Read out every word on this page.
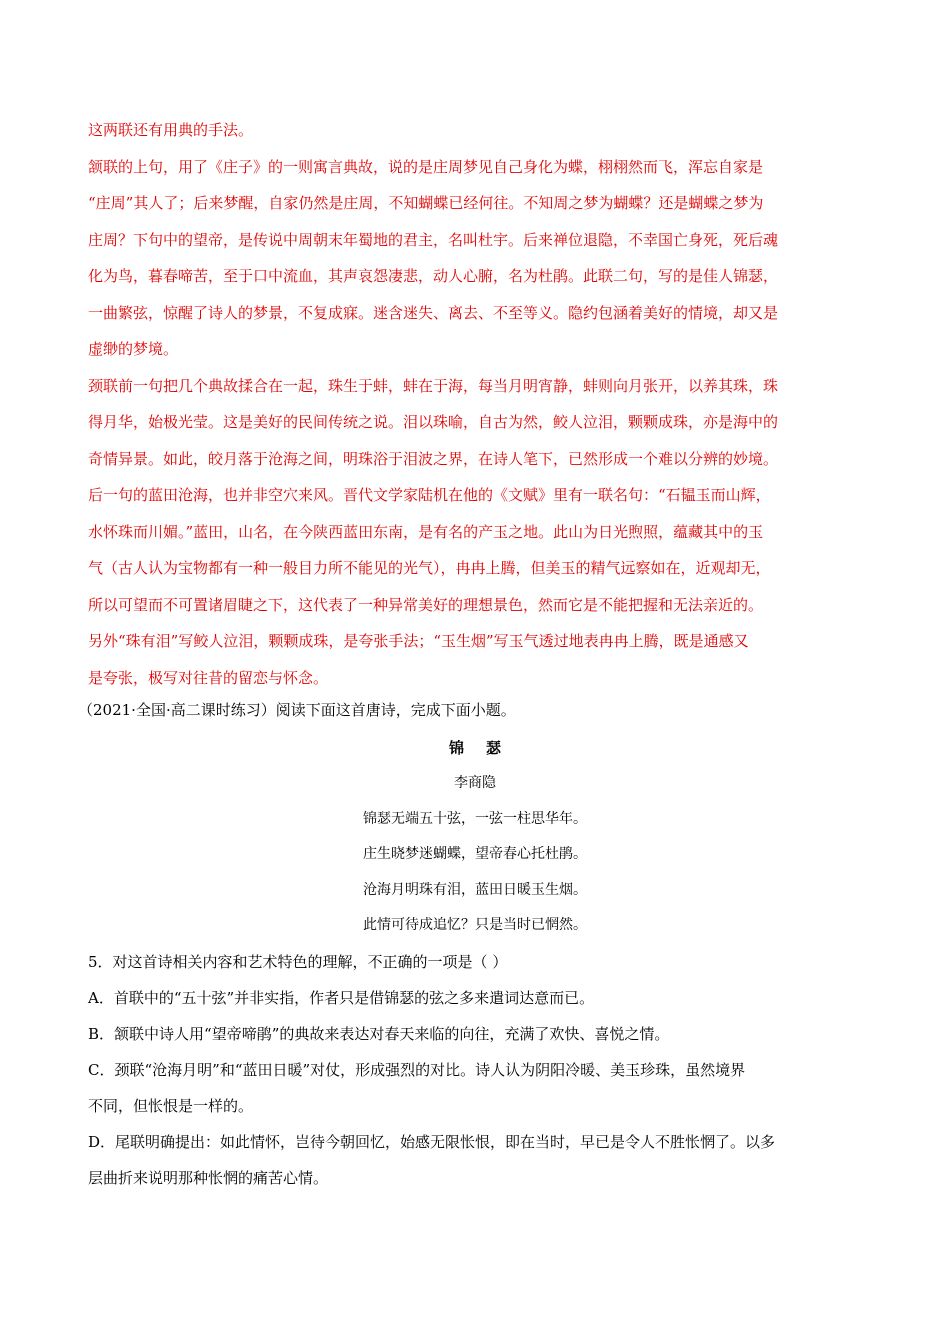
这两联还有用典的手法。
颔联的上句，用了《庄子》的一则寓言典故，说的是庄周梦见自己身化为蝶，栩栩然而飞，浑忘自家是
“庄周”其人了；后来梦醒，自家仍然是庄周，不知蝴蝶已经何往。不知周之梦为蝴蝶？还是蝴蝶之梦为
庄周？下句中的望帝，是传说中周朝末年蜀地的君主，名叫杜宇。后来禅位退隐，不幸国亡身死，死后魂
化为鸟，暮春啼苦，至于口中流血，其声哀怨凄悲，动人心腑，名为杜鹃。此联二句，写的是佳人锦瑟，
一曲繁弦，惊醒了诗人的梦景，不复成寐。迷含迷失、离去、不至等义。隐约包涵着美好的情境，却又是
虚缈的梦境。
颈联前一句把几个典故揉合在一起，珠生于蚌，蚌在于海，每当月明宵静，蚌则向月张开，以养其珠，珠
得月华，始极光莹。这是美好的民间传统之说。泪以珠喻，自古为然，鲛人泣泪，颗颗成珠，亦是海中的
奇情异景。如此，皎月落于沧海之间，明珠浴于泪波之界，在诗人笔下，已然形成一个难以分辨的妙境。
后一句的蓝田沧海，也并非空穴来风。晋代文学家陆机在他的《文赋》里有一联名句：“石韫玉而山辉，
水怀珠而川媚。”蓝田，山名，在今陕西蓝田东南，是有名的产玉之地。此山为日光煦照，蕴藏其中的玉
气（古人认为宝物都有一种一般目力所不能见的光气），冉冉上腾，但美玉的精气远察如在，近观却无，
所以可望而不可置诸眉睫之下，这代表了一种异常美好的理想景色，然而它是不能把握和无法亲近的。
另外“珠有泪”写鲛人泣泪，颗颗成珠，是夸张手法；“玉生烟”写玉气透过地表冉冉上腾，既是通感又
是夸张，极写对往昔的留恋与怀念。
（2021·全国·高二课时练习）阅读下面这首唐诗，完成下面小题。
锦瑟
李商隐
锦瑟无端五十弦，一弦一柱思华年。
庄生晓梦迷蝴蝶，望帝春心托杜鹃。
沧海月明珠有泪，蓝田日暖玉生烟。
此情可待成追忆？只是当时已惘然。
5．对这首诗相关内容和艺术特色的理解，不正确的一项是（ ）
A．首联中的“五十弦”并非实指，作者只是借锦瑟的弦之多来遣词达意而已。
B．颔联中诗人用“望帝啼鹃”的典故来表达对春天来临的向往，充满了欢快、喜悦之情。
C．颈联“沧海月明”和“蓝田日暖”对仗，形成强烈的对比。诗人认为阴阳冷暖、美玉珍珠，虽然境界
不同，但怅恨是一样的。
D．尾联明确提出：如此情怀，岂待今朝回忆，始感无限怅恨，即在当时，早已是令人不胜怅惘了。以多
层曲折来说明那种怅惘的痛苦心情。
